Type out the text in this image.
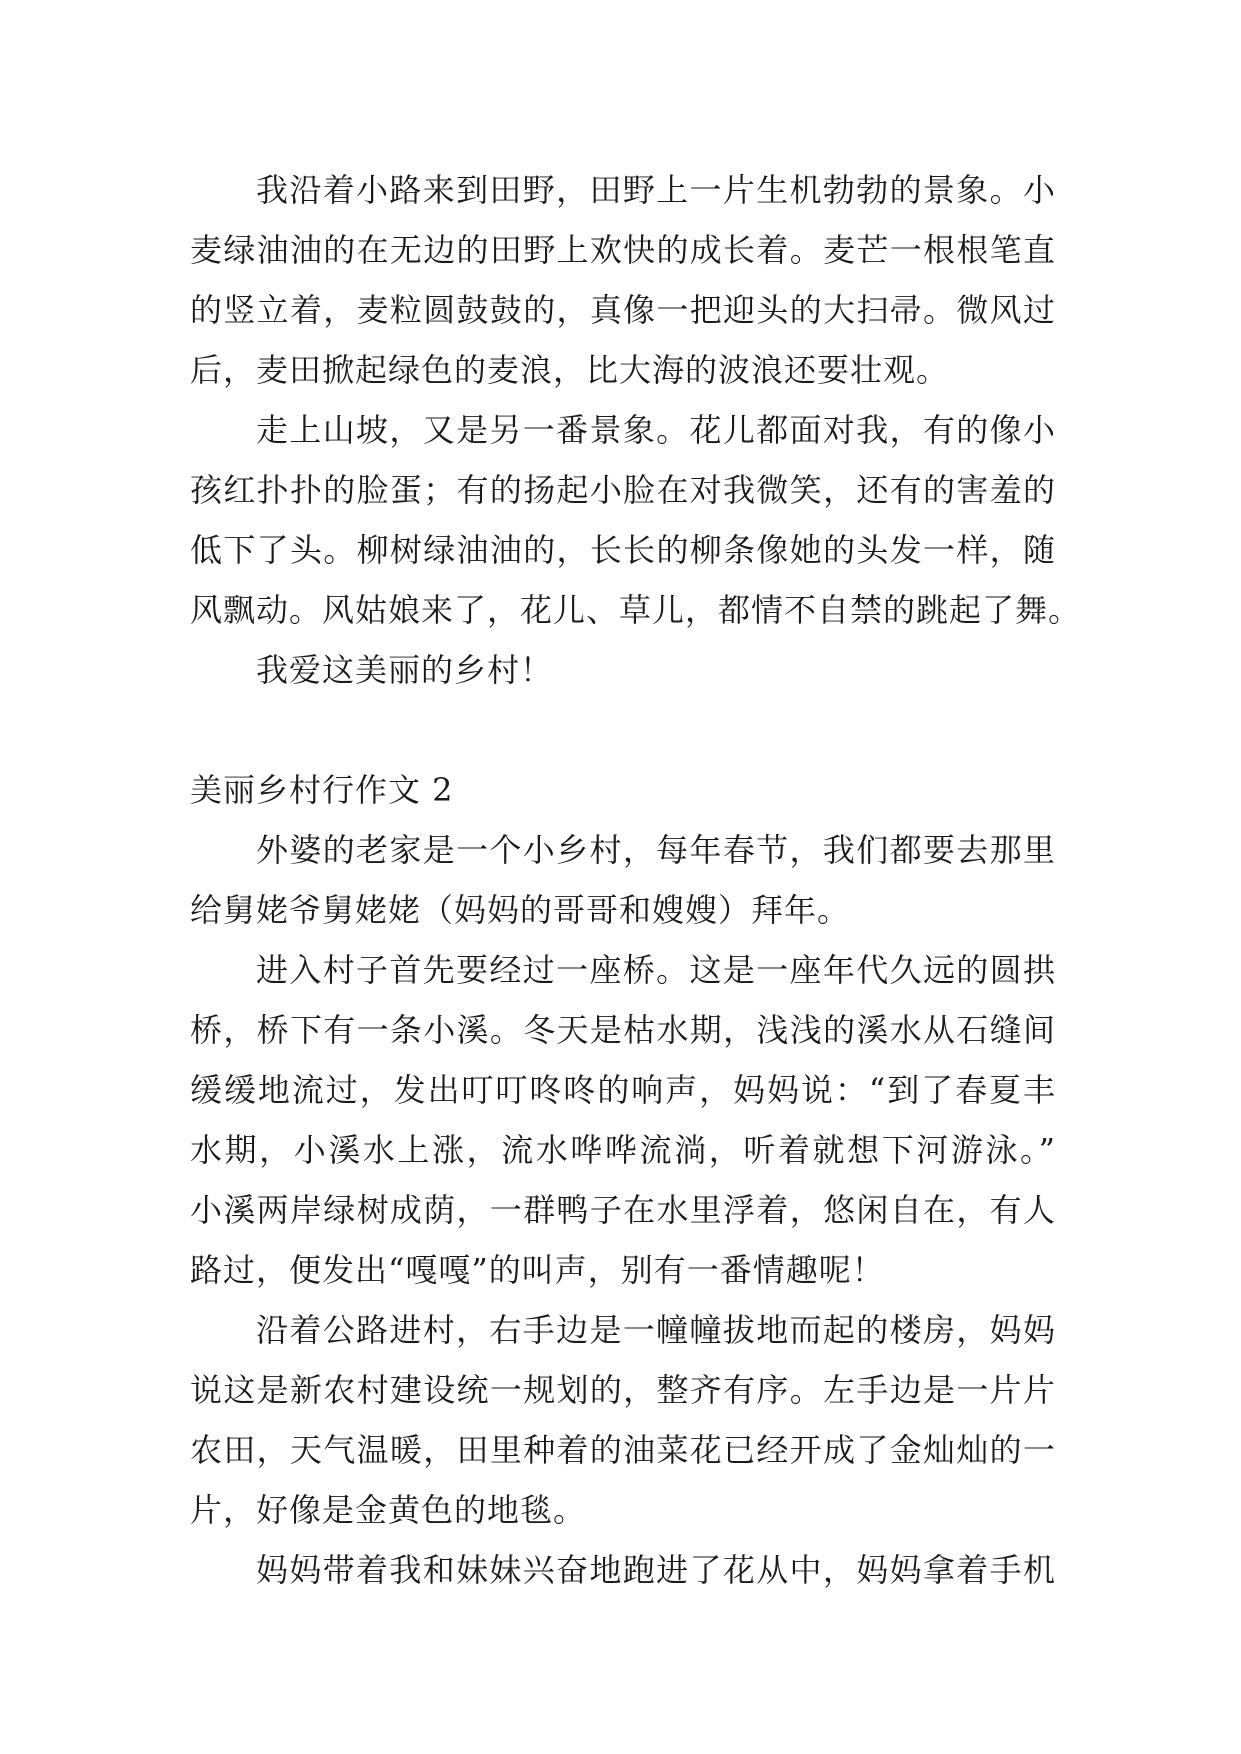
我沿着小路来到田野，田野上一片生机勃勃的景象。小
麦绿油油的在无边的田野上欢快的成长着。麦芒一根根笔直
的竖立着，麦粒圆鼓鼓的，真像一把迎头的大扫帚。微风过
后，麦田掀起绿色的麦浪，比大海的波浪还要壮观。
走上山坡，又是另一番景象。花儿都面对我，有的像小
孩红扑扑的脸蛋；有的扬起小脸在对我微笑，还有的害羞的
低下了头。柳树绿油油的，长长的柳条像她的头发一样，随
风飘动。风姑娘来了，花儿、草儿，都情不自禁的跳起了舞。
我爱这美丽的乡村！
美丽乡村行作文 2
外婆的老家是一个小乡村，每年春节，我们都要去那里
给舅姥爷舅姥姥（妈妈的哥哥和嫂嫂）拜年。
进入村子首先要经过一座桥。这是一座年代久远的圆拱
桥，桥下有一条小溪。冬天是枯水期，浅浅的溪水从石缝间
缓缓地流过，发出叮叮咚咚的响声，妈妈说：“到了春夏丰
水期，小溪水上涨，流水哗哗流淌，听着就想下河游泳。”
小溪两岸绿树成荫，一群鸭子在水里浮着，悠闲自在，有人
路过，便发出“嘎嘎”的叫声，别有一番情趣呢！
沿着公路进村，右手边是一幢幢拔地而起的楼房，妈妈
说这是新农村建设统一规划的，整齐有序。左手边是一片片
农田，天气温暖，田里种着的油菜花已经开成了金灿灿的一
片，好像是金黄色的地毯。
妈妈带着我和妹妹兴奋地跑进了花从中，妈妈拿着手机
